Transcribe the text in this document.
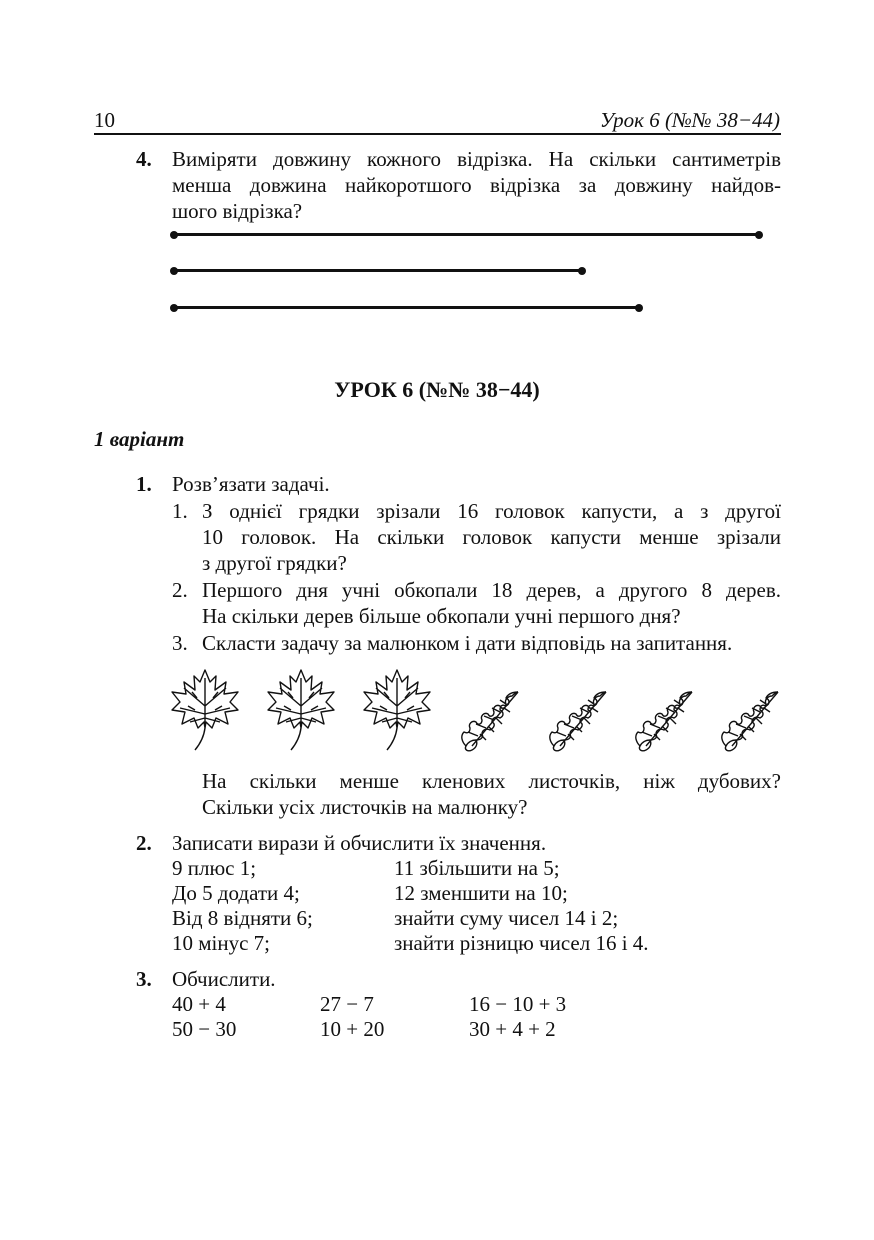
10	Урок 6 (№№ 38−44)
4. Виміряти довжину кожного відрізка. На скільки сантиметрів
менша довжина найкоротшого відрізка за довжину найдов-
шого відрізка?
УРОК 6 (№№ 38−44)
1 варіант
1. Розв’язати задачі.
1. З однієї грядки зрізали 16 головок капусти, а з другої
10 головок. На скільки головок капусти менше зрізали
з другої грядки?
2. Першого дня учні обкопали 18 дерев, а другого 8 дерев.
На скільки дерев більше обкопали учні першого дня?
3. Скласти задачу за малюнком і дати відповідь на запитання.
На скільки менше кленових листочків, ніж дубових?
Скільки усіх листочків на малюнку?
2. Записати вирази й обчислити їх значення.
9 плюс 1;
До 5 додати 4;
Від 8 відняти 6;
10 мінус 7;
11 збільшити на 5;
12 зменшити на 10;
знайти суму чисел 14 і 2;
знайти різницю чисел 16 і 4.
3. Обчислити.
40 + 4
50 − 30
27 − 7
10 + 20
16 − 10 + 3
30 + 4 + 2
